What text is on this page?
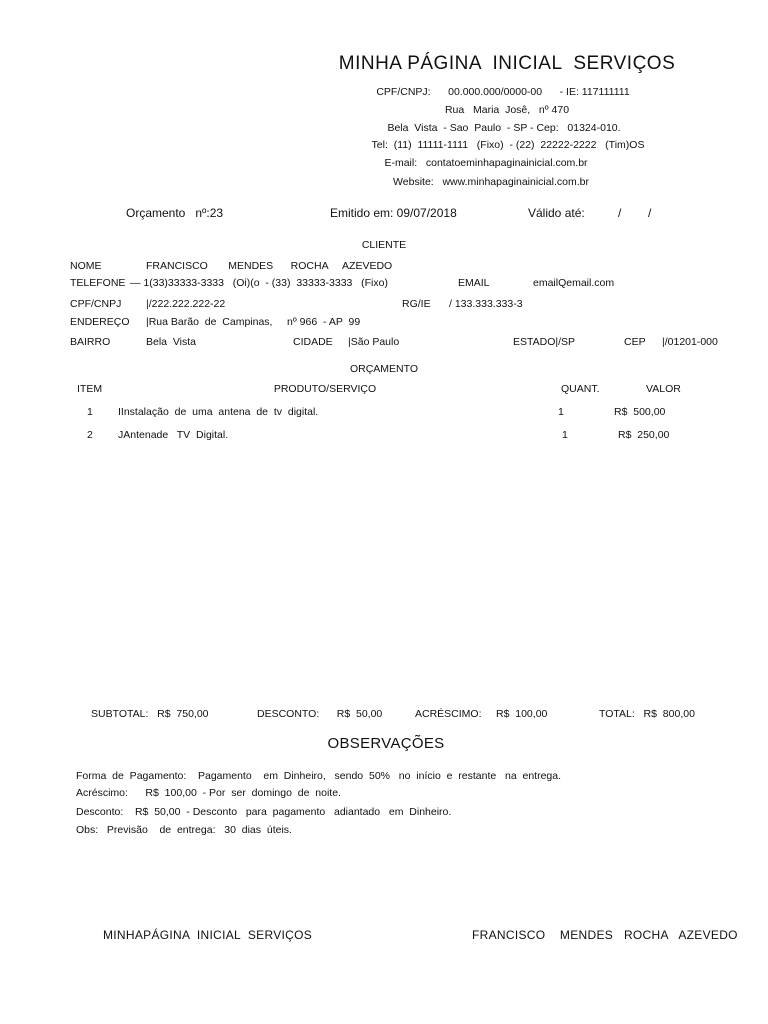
MINHA PÁGINA  INICIAL  SERVIÇOS
CPF/CNPJ:      00.000.000/0000-00      - IE: 117111111
Rua   Maria  Josê,   nº 470
Bela  Vista  - Sao  Paulo  - SP - Cep:   01324-010.
Tel:  (11)  11111-1111   (Fixo)  - (22)  22222-2222   (Tim)OS
E-mail:   contatoeminhapaginainicial.com.br
Website:   www.minhapaginainicial.com.br
Orçamento   nº:23	Emitido em: 09/07/2018	Válido até:          /        /
CLIENTE
NOME	FRANCISCO       MENDES      ROCHA     AZEVEDO
TELEFONE — 1(33)33333-3333   (Oi)(o  - (33)  33333-3333   (Fixo)	EMAIL	emailQemail.com
CPF/CNPJ |/222.222.222-22	RG/IE / 133.333.333-3
ENDEREÇO |Rua Barão  de  Campinas,     nº 966  - AP  99
BAIRRO	Bela  Vista	CIDADE |São Paulo	ESTADO|/SP	CEP |/01201-000
ORÇAMENTO
ITEM	PRODUTO/SERVIÇO	QUANT.	VALOR
1 IInstalação  de  uma  antena  de  tv  digital.	1	R$  500,00
2 JAntenade   TV  Digital.	1	R$  250,00
SUBTOTAL:   R$  750,00	DESCONTO:      R$  50,00	ACRÉSCIMO: R$  100,00	TOTAL:   R$  800,00
OBSERVAÇÕES
Forma  de  Pagamento:    Pagamento    em  Dinheiro,   sendo  50%   no  início  e  restante   na  entrega.
Acréscimo:      R$  100,00  - Por  ser  domingo  de  noite.
Desconto:    R$  50,00  - Desconto   para  pagamento   adiantado   em  Dinheiro.
Obs:   Previsão    de  entrega:   30  dias  úteis.
MINHAPÁGINA  INICIAL  SERVIÇOS	FRANCISCO    MENDES   ROCHA   AZEVEDO
